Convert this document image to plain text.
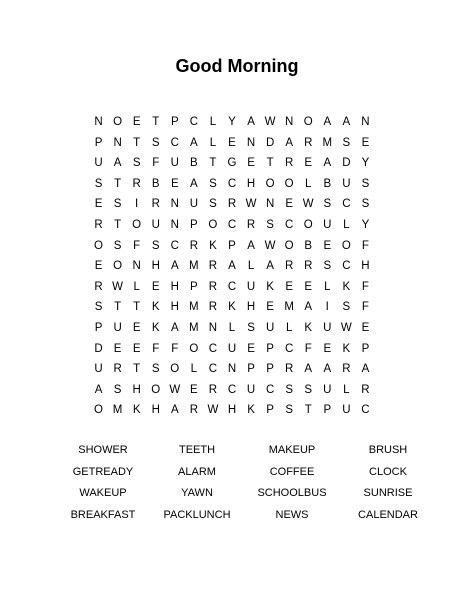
Good Morning
N O E	T	P C	L	Y A W N O A A N
P N T	S C A	L	E N D A R M S E
U A S	F U B	T G E	T R E A D Y
S	T R B E A S C H O O L	B U S
E S	I	R N U S R W N E W S C S
R T O U N P O C R S C O U	L	Y
O S	F	S C R K P A W O B E O F
E O N H A M R A	L	A R R S C H
R W L	E H P R C U K E E	L	K	F
S	T	T	K H M R K H E M A	I	S	F
P U E K A M N	L	S U	L	K U W E
D E E	F	F O C U E P C F	E K P
U R T	S O L	C N P P R A A R A
A S H O W E R C U C S S U	L	R
O M K H A R W H K P S	T	P U C
SHOWER	TEETH	MAKEUP	BRUSH
GETREADY	ALARM	COFFEE	CLOCK
WAKEUP	YAWN	SCHOOLBUS	SUNRISE
BREAKFAST	PACKLUNCH	NEWS	CALENDAR
